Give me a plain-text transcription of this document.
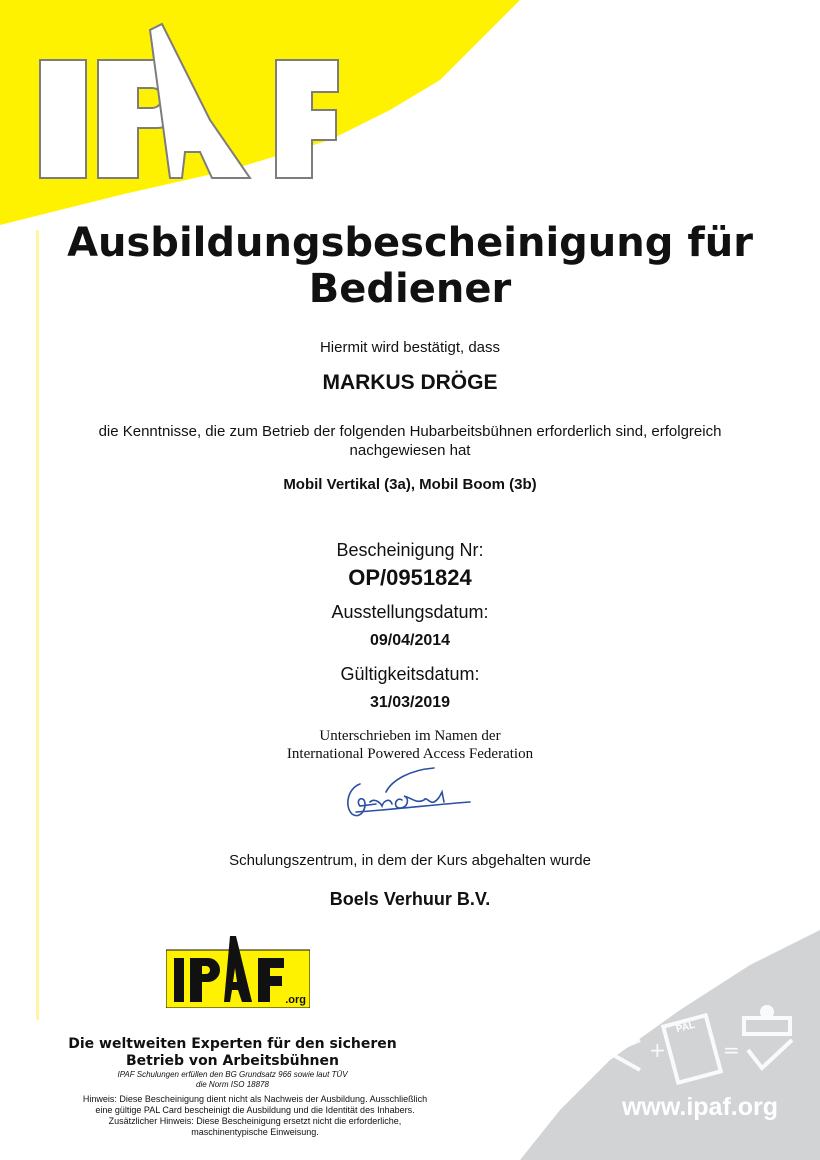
+	=
Ausbildungsbescheinigung für
Bediener
Hiermit wird bestätigt, dass
MARKUS DRÖGE
die Kenntnisse, die zum Betrieb der folgenden Hubarbeitsbühnen erforderlich sind, erfolgreich
nachgewiesen hat
Mobil Vertikal (3a), Mobil Boom (3b)
Bescheinigung Nr:
OP/0951824
Ausstellungsdatum:
09/04/2014
Gültigkeitsdatum:
31/03/2019
Unterschrieben im Namen der
International Powered Access Federation
Schulungszentrum, in dem der Kurs abgehalten wurde
Boels Verhuur B.V.
.org
Die weltweiten Experten für den sicheren
Betrieb von Arbeitsbühnen
IPAF Schulungen erfüllen den BG Grundsatz 966 sowie laut TÜV
die Norm ISO 18878
Hinweis: Diese Bescheinigung dient nicht als Nachweis der Ausbildung. Ausschließlich
eine gültige PAL Card bescheinigt die Ausbildung und die Identität des Inhabers.
Zusätzlicher Hinweis: Diese Bescheinigung ersetzt nicht die erforderliche,
maschinentypische Einweisung.
PAL
www.ipaf.org
